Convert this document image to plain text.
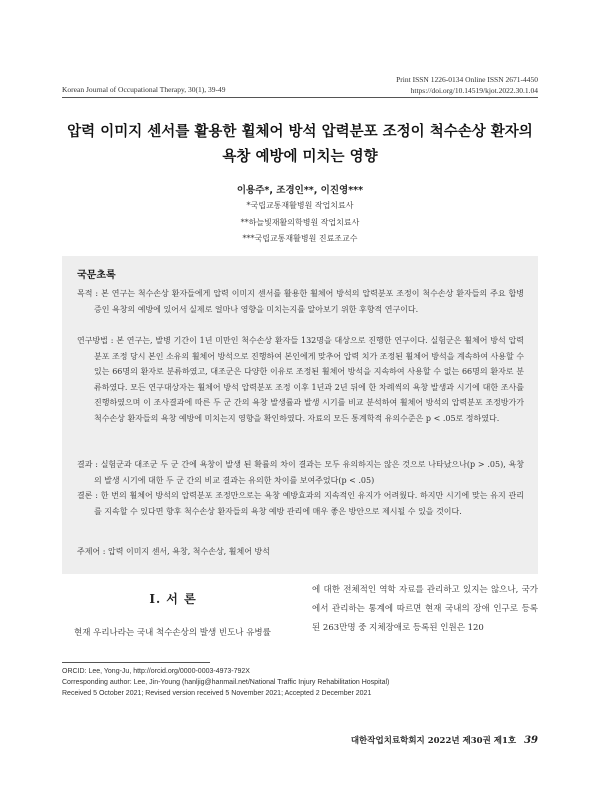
Print ISSN 1226-0134 Online ISSN 2671-4450
https://doi.org/10.14519/kjot.2022.30.1.04
Korean Journal of Occupational Therapy, 30(1), 39-49
압력 이미지 센서를 활용한 휠체어 방석 압력분포 조정이 척수손상 환자의
욕창 예방에 미치는 영향
이용주*, 조경인**, 이진영***
*국립교통재활병원 작업치료사
**하늘빛재활의학병원 작업치료사
***국립교통재활병원 진료조교수
국문초록
목적 : 본 연구는 척수손상 환자들에게 압력 이미지 센서를 활용한 휠체어 방석의 압력분포 조정이 척수손상 환자들의 주요 합병증인 욕창의 예방에 있어서 실제로 얼마나 영향을 미치는지를 알아보기 위한 후향적 연구이다.
연구방법 : 본 연구는, 발병 기간이 1년 미만인 척수손상 환자들 132명을 대상으로 진행한 연구이다. 실험군은 휠체어 방석 압력분포 조정 당시 본인 소유의 휠체어 방석으로 진행하여 본인에게 맞추어 압력 치가 조정된 휠체어 방석을 계속하여 사용할 수 있는 66명의 환자로 분류하였고, 대조군은 다양한 이유로 조정된 휠체어 방석을 지속하여 사용할 수 없는 66명의 환자로 분류하였다. 모든 연구대상자는 휠체어 방석 압력분포 조정 이후 1년과 2년 뒤에 한 차례씩의 욕창 발생과 시기에 대한 조사를 진행하였으며 이 조사결과에 따른 두 군 간의 욕창 발생률과 발생 시기를 비교 분석하여 휠체어 방석의 압력분포 조정방가가 척수손상 환자들의 욕창 예방에 미치는지 영향을 확인하였다. 자료의 모든 통계학적 유의수준은 p < .05로 정하였다.
결과 : 실험군과 대조군 두 군 간에 욕창이 발생 된 확률의 차이 결과는 모두 유의하지는 않은 것으로 나타났으나(p > .05), 욕창의 발생 시기에 대한 두 군 간의 비교 결과는 유의한 차이를 보여주었다(p < .05)
결론 : 한 번의 휠체어 방석의 압력분포 조정만으로는 욕창 예방효과의 지속적인 유지가 어려웠다. 하지만 시기에 맞는 유지 관리를 지속할 수 있다면 향후 척수손상 환자들의 욕창 예방 관리에 매우 좋은 방안으로 제시될 수 있을 것이다.
주제어 : 압력 이미지 센서, 욕창, 척수손상, 휠체어 방석
Ⅰ. 서 론
현재 우리나라는 국내 척수손상의 발생 빈도나 유병률
에 대한 전체적인 역학 자료를 관리하고 있지는 않으나, 국가에서 관리하는 통계에 따르면 현재 국내의 장애 인구로 등록된 263만명 중 지체장애로 등록된 인원은 120
ORCID: Lee, Yong-Ju, http://orcid.org/0000-0003-4973-792X
Corresponding author: Lee, Jin-Young (hanljig@hanmail.net/National Traffic Injury Rehabilitation Hospital)
Received 5 October 2021; Revised version received 5 November 2021; Accepted 2 December 2021
대한작업치료학회지 2022년 제30권 제1호 39
